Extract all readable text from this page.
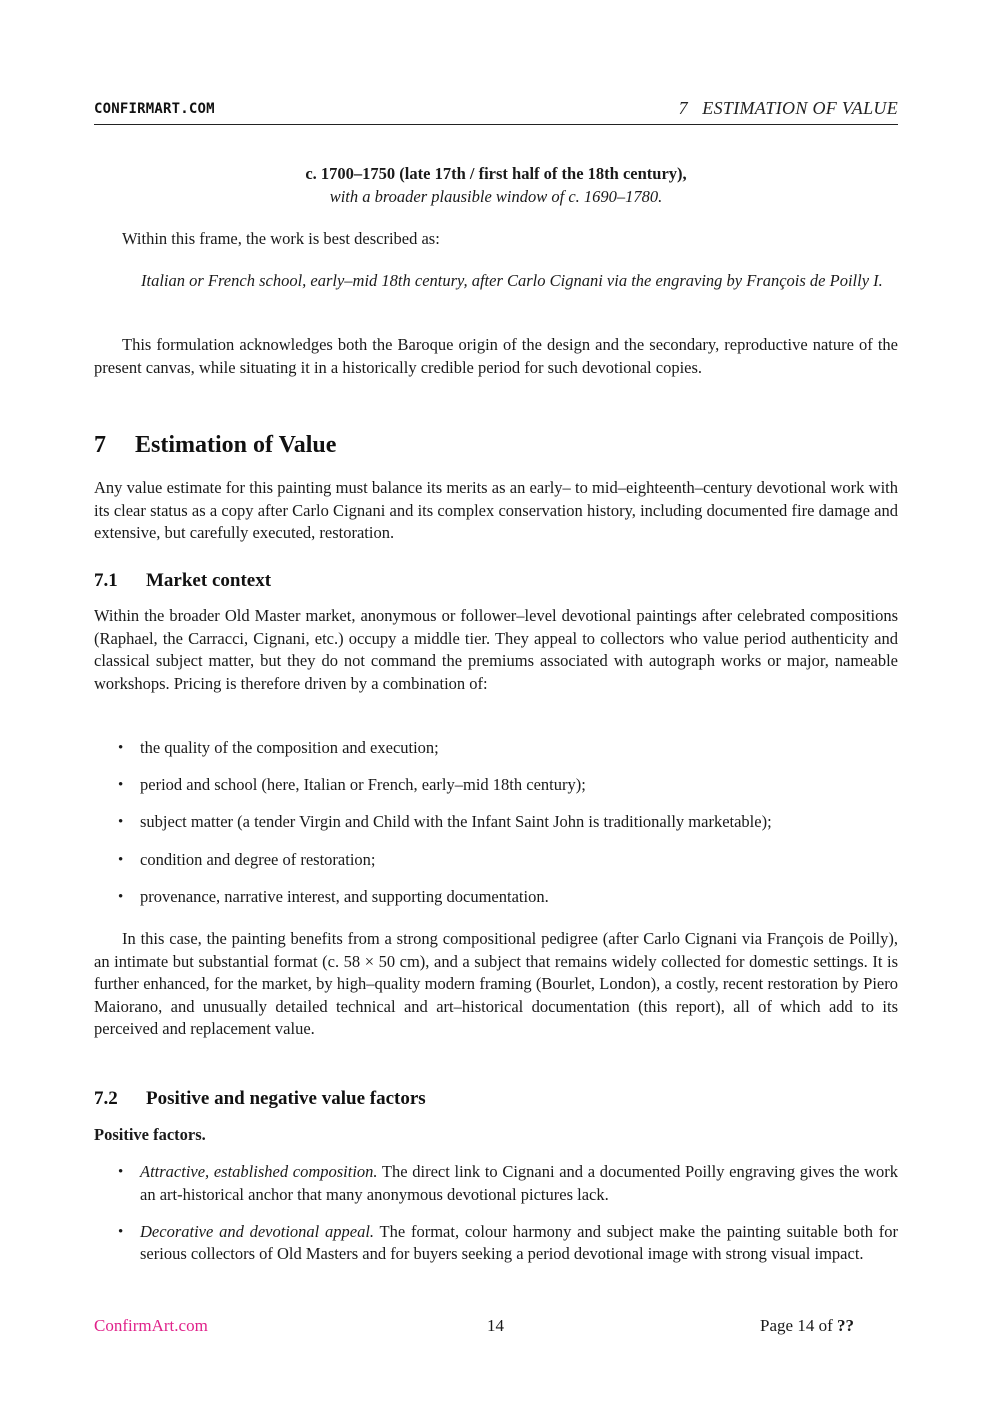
CONFIRMART.COM	7   ESTIMATION OF VALUE
c. 1700–1750 (late 17th / first half of the 18th century),
with a broader plausible window of c. 1690–1780.

Within this frame, the work is best described as:

Italian or French school, early–mid 18th century, after Carlo Cignani via the engraving by François de Poilly I.

This formulation acknowledges both the Baroque origin of the design and the secondary, reproductive nature of the present canvas, while situating it in a historically credible period for such devotional copies.

7 Estimation of Value

Any value estimate for this painting must balance its merits as an early– to mid–eighteenth–century devotional work with its clear status as a copy after Carlo Cignani and its complex conservation history, including documented fire damage and extensive, but carefully executed, restoration.

7.1 Market context

Within the broader Old Master market, anonymous or follower–level devotional paintings after celebrated compositions (Raphael, the Carracci, Cignani, etc.) occupy a middle tier. They appeal to collectors who value period authenticity and classical subject matter, but they do not command the premiums associated with autograph works or major, nameable workshops. Pricing is therefore driven by a combination of:

• the quality of the composition and execution;
• period and school (here, Italian or French, early–mid 18th century);
• subject matter (a tender Virgin and Child with the Infant Saint John is traditionally marketable);
• condition and degree of restoration;
• provenance, narrative interest, and supporting documentation.

In this case, the painting benefits from a strong compositional pedigree (after Carlo Cignani via François de Poilly), an intimate but substantial format (c. 58 × 50 cm), and a subject that remains widely collected for domestic settings. It is further enhanced, for the market, by high–quality modern framing (Bourlet, London), a costly, recent restoration by Piero Maiorano, and unusually detailed technical and art–historical documentation (this report), all of which add to its perceived and replacement value.

7.2 Positive and negative value factors
Positive factors.
• Attractive, established composition. The direct link to Cignani and a documented Poilly engraving gives the work an art-historical anchor that many anonymous devotional pictures lack.
• Decorative and devotional appeal. The format, colour harmony and subject make the painting suitable both for serious collectors of Old Masters and for buyers seeking a period devotional image with strong visual impact.
ConfirmArt.com	14	Page 14 of ??
